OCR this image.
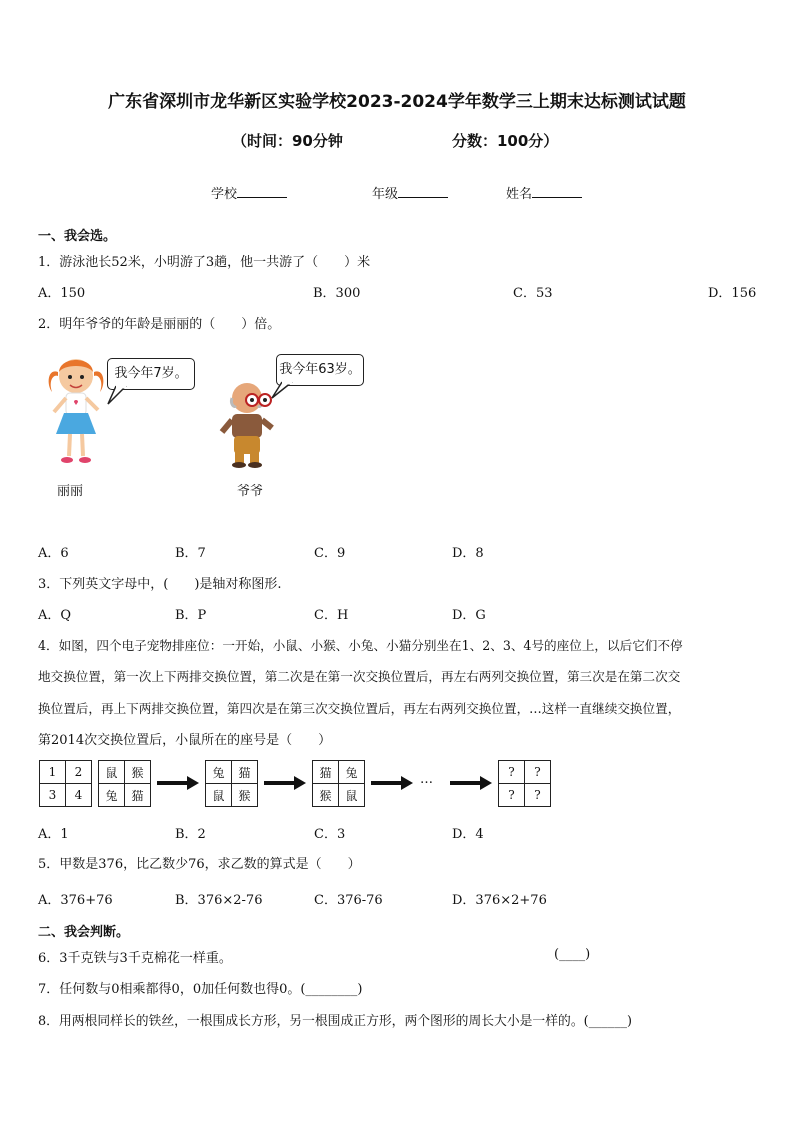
广东省深圳市龙华新区实验学校2023-2024学年数学三上期末达标测试试题
（时间：90分钟	分数：100分）
学校	年级	姓名
一、我会选。
1．游泳池长52米，小明游了3趟，他一共游了（　　）米
A．150	B．300	C．53	D．156
2．明年爷爷的年龄是丽丽的（　　）倍。
我今年7岁。	我今年63岁。
丽丽	爷爷
A．6	B．7	C．9	D．8
3．下列英文字母中，(　　)是轴对称图形.
A．Q	B．P	C．H	D．G
4．如图，四个电子宠物排座位：一开始，小鼠、小猴、小兔、小猫分别坐在1、2、3、4号的座位上，以后它们不停
地交换位置，第一次上下两排交换位置，第二次是在第一次交换位置后，再左右两列交换位置，第三次是在第二次交
换位置后，再上下两排交换位置，第四次是在第三次交换位置后，再左右两列交换位置，…这样一直继续交换位置，
第2014次交换位置后，小鼠所在的座号是（　　）
1	2
3	4
鼠	猴
兔	猫
兔	猫
鼠	猴
猫	兔
猴	鼠
…	?	?
?	?
A．1	B．2	C．3	D．4
5．甲数是376，比乙数少76，求乙数的算式是（　　）
A．376+76	B．376×2-76	C．376-76	D．376×2+76
二、我会判断。
6．3千克铁与3千克棉花一样重。	(____)
7．任何数与0相乘都得0，0加任何数也得0。(________)
8．用两根同样长的铁丝，一根围成长方形，另一根围成正方形，两个图形的周长大小是一样的。(______)
